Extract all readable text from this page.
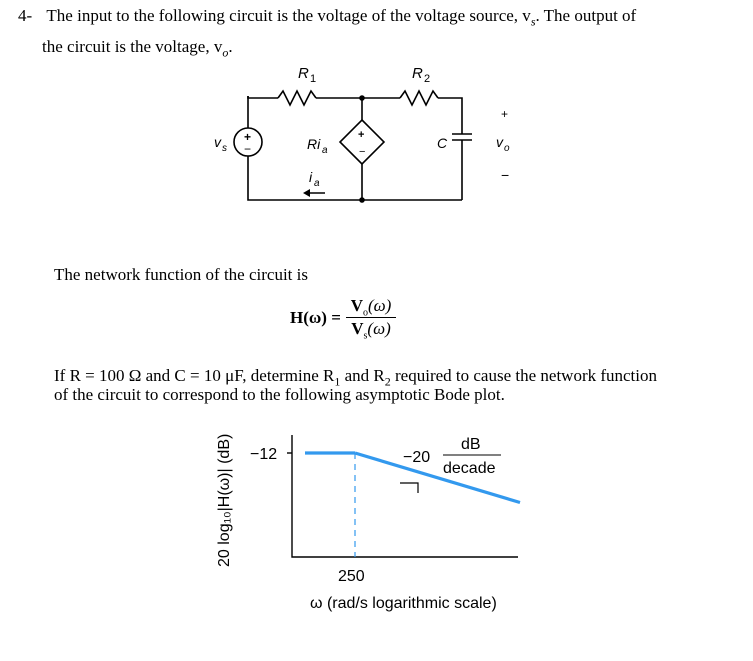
4- The input to the following circuit is the voltage of the voltage source, $v_s$. The output of
the circuit is the voltage, $v_o$.
R 1	R 2
+
−
v s	Ri a
+
−
i a
C
+
v o
−
The network function of the circuit is
H(ω) =
$V_o(\omega)$
$V_s(\omega)$
If R = 100 Ω and C = 10 μF, determine $R_1$ and $R_2$ required to cause the network function
of the circuit to correspond to the following asymptotic Bode plot.
20 log₁₀|H(ω)| (dB) −12
250
ω (rad/s logarithmic scale)
−20
dB
decade
